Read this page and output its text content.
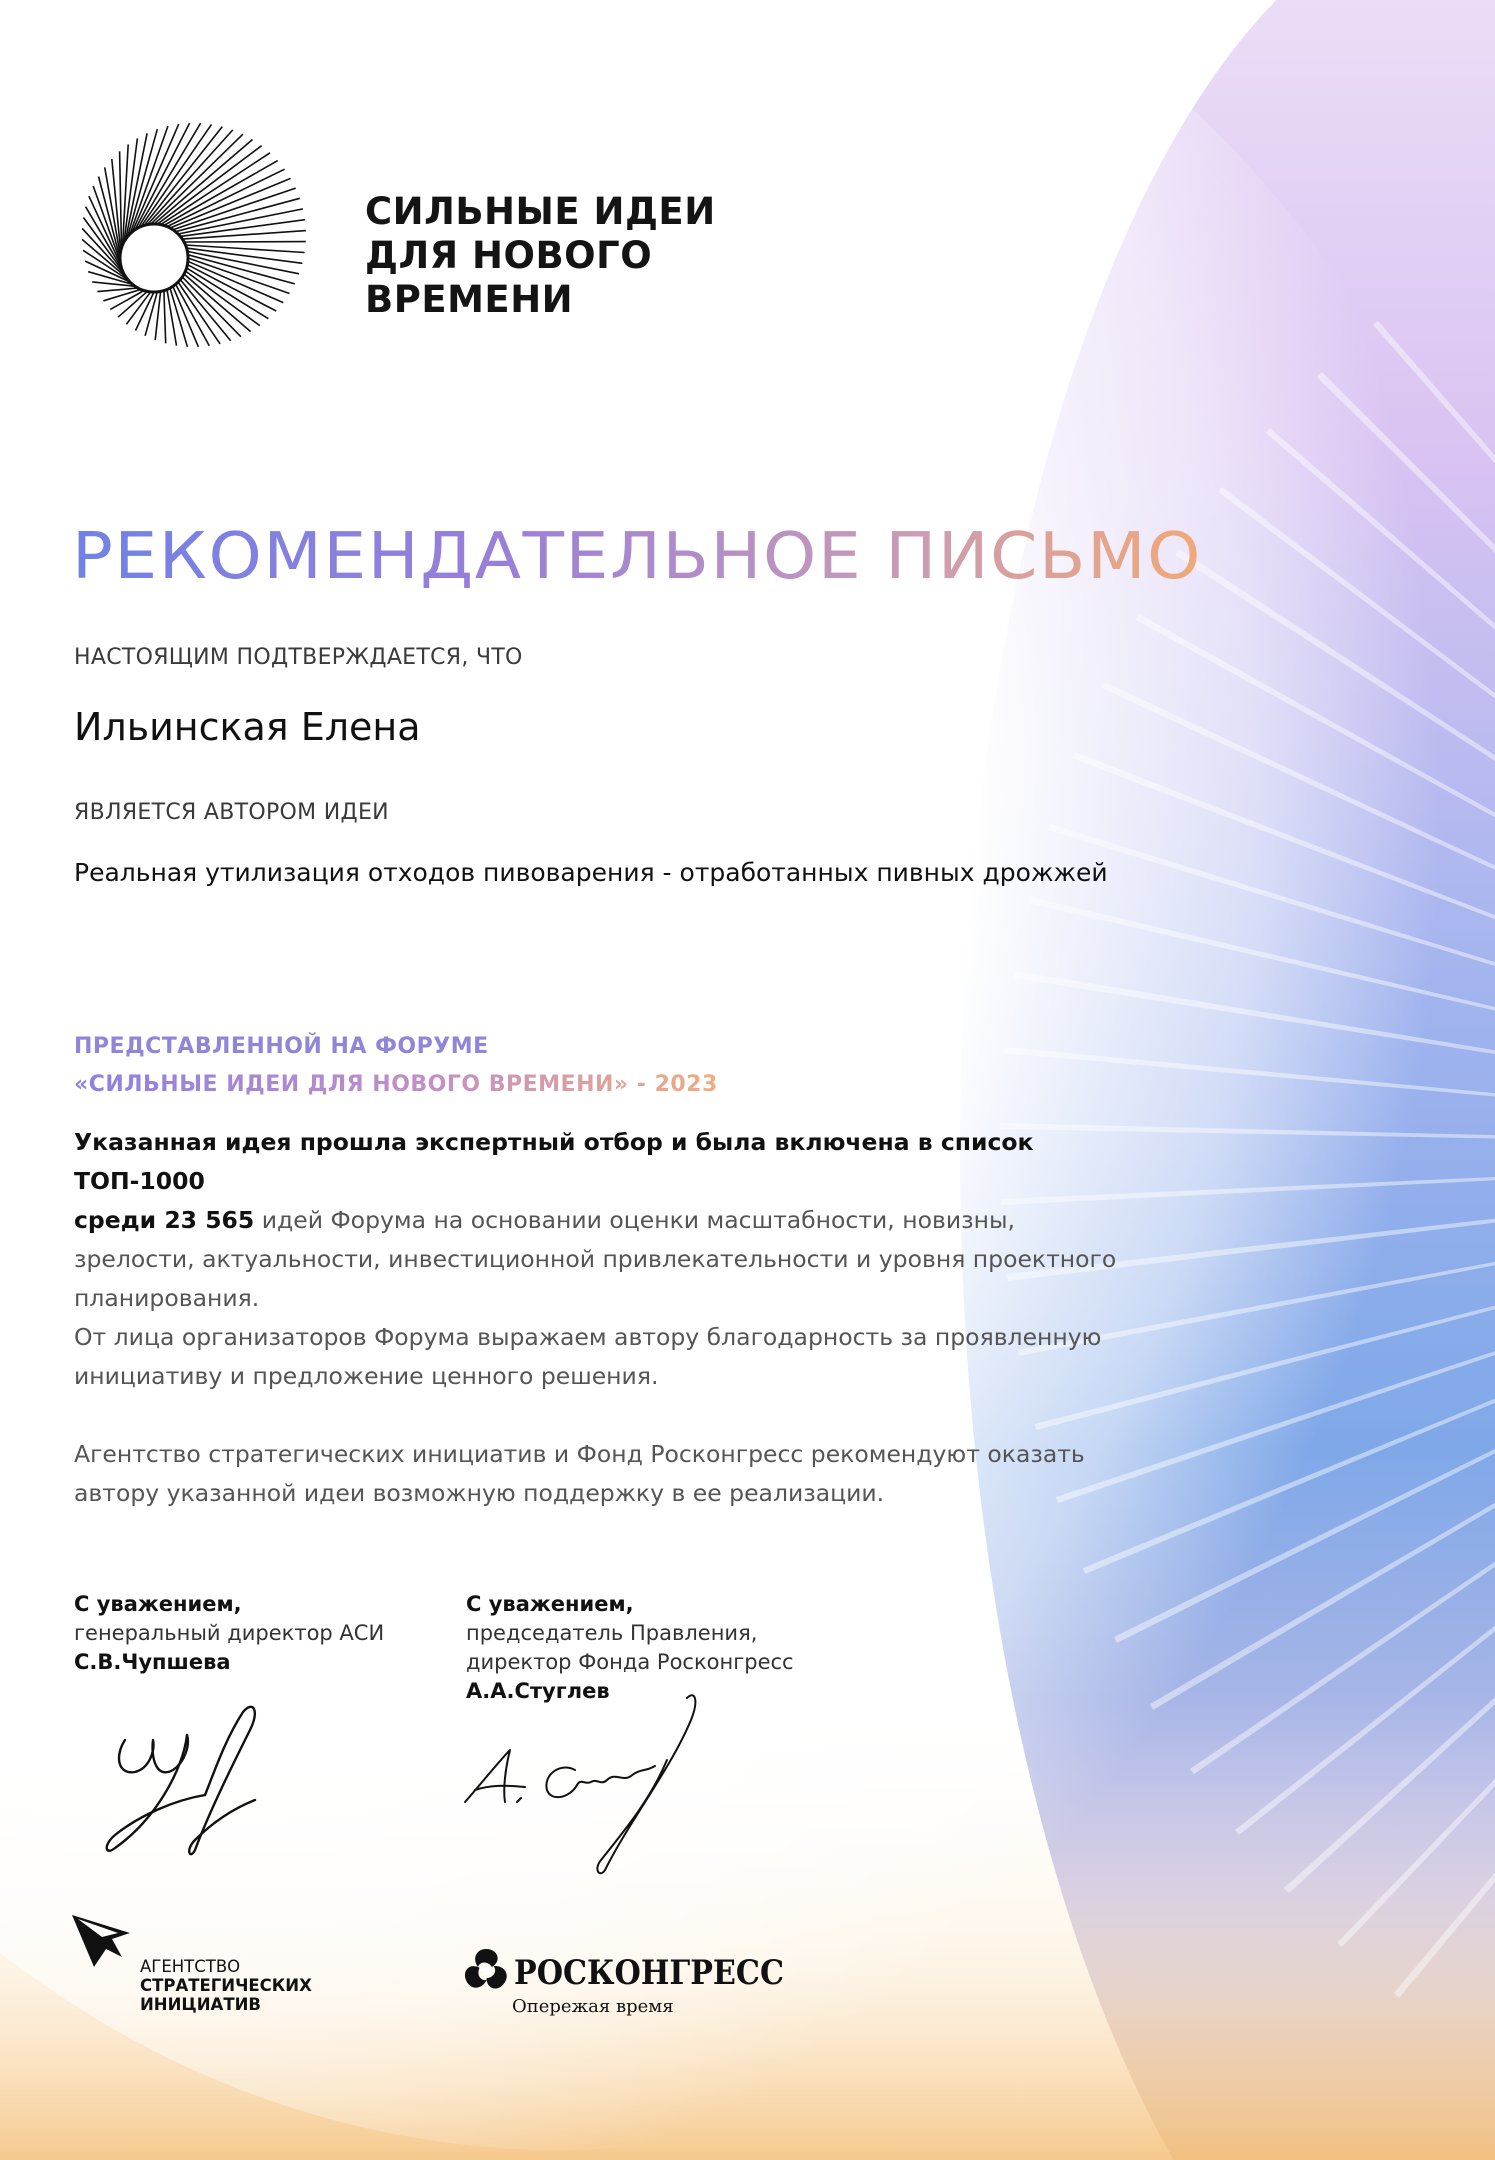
СИЛЬНЫЕ ИДЕИ
ДЛЯ НОВОГО
ВРЕМЕНИ
РЕКОМЕНДАТЕЛЬНОЕ ПИСЬМО
НАСТОЯЩИМ ПОДТВЕРЖДАЕТСЯ, ЧТО
Ильинская Елена
ЯВЛЯЕТСЯ АВТОРОМ ИДЕИ
Реальная утилизация отходов пивоварения - отработанных пивных дрожжей
ПРЕДСТАВЛЕННОЙ НА ФОРУМЕ
«СИЛЬНЫЕ ИДЕИ ДЛЯ НОВОГО ВРЕМЕНИ» - 2023
Указанная идея прошла экспертный отбор и была включена в список ТОП-1000
среди 23 565 идей Форума на основании оценки масштабности, новизны, зрелости, актуальности, инвестиционной привлекательности и уровня проектного планирования.
От лица организаторов Форума выражаем автору благодарность за проявленную инициативу и предложение ценного решения.
Агентство стратегических инициатив и Фонд Росконгресс рекомендуют оказать автору указанной идеи возможную поддержку в ее реализации.
С уважением,
генеральный директор АСИ
С.В.Чупшева
С уважением,
председатель Правления,
директор Фонда Росконгресс
А.А.Стуглев
АГЕНТСТВО
СТРАТЕГИЧЕСКИХ
ИНИЦИАТИВ
РОСКОНГРЕСС
Опережая время
